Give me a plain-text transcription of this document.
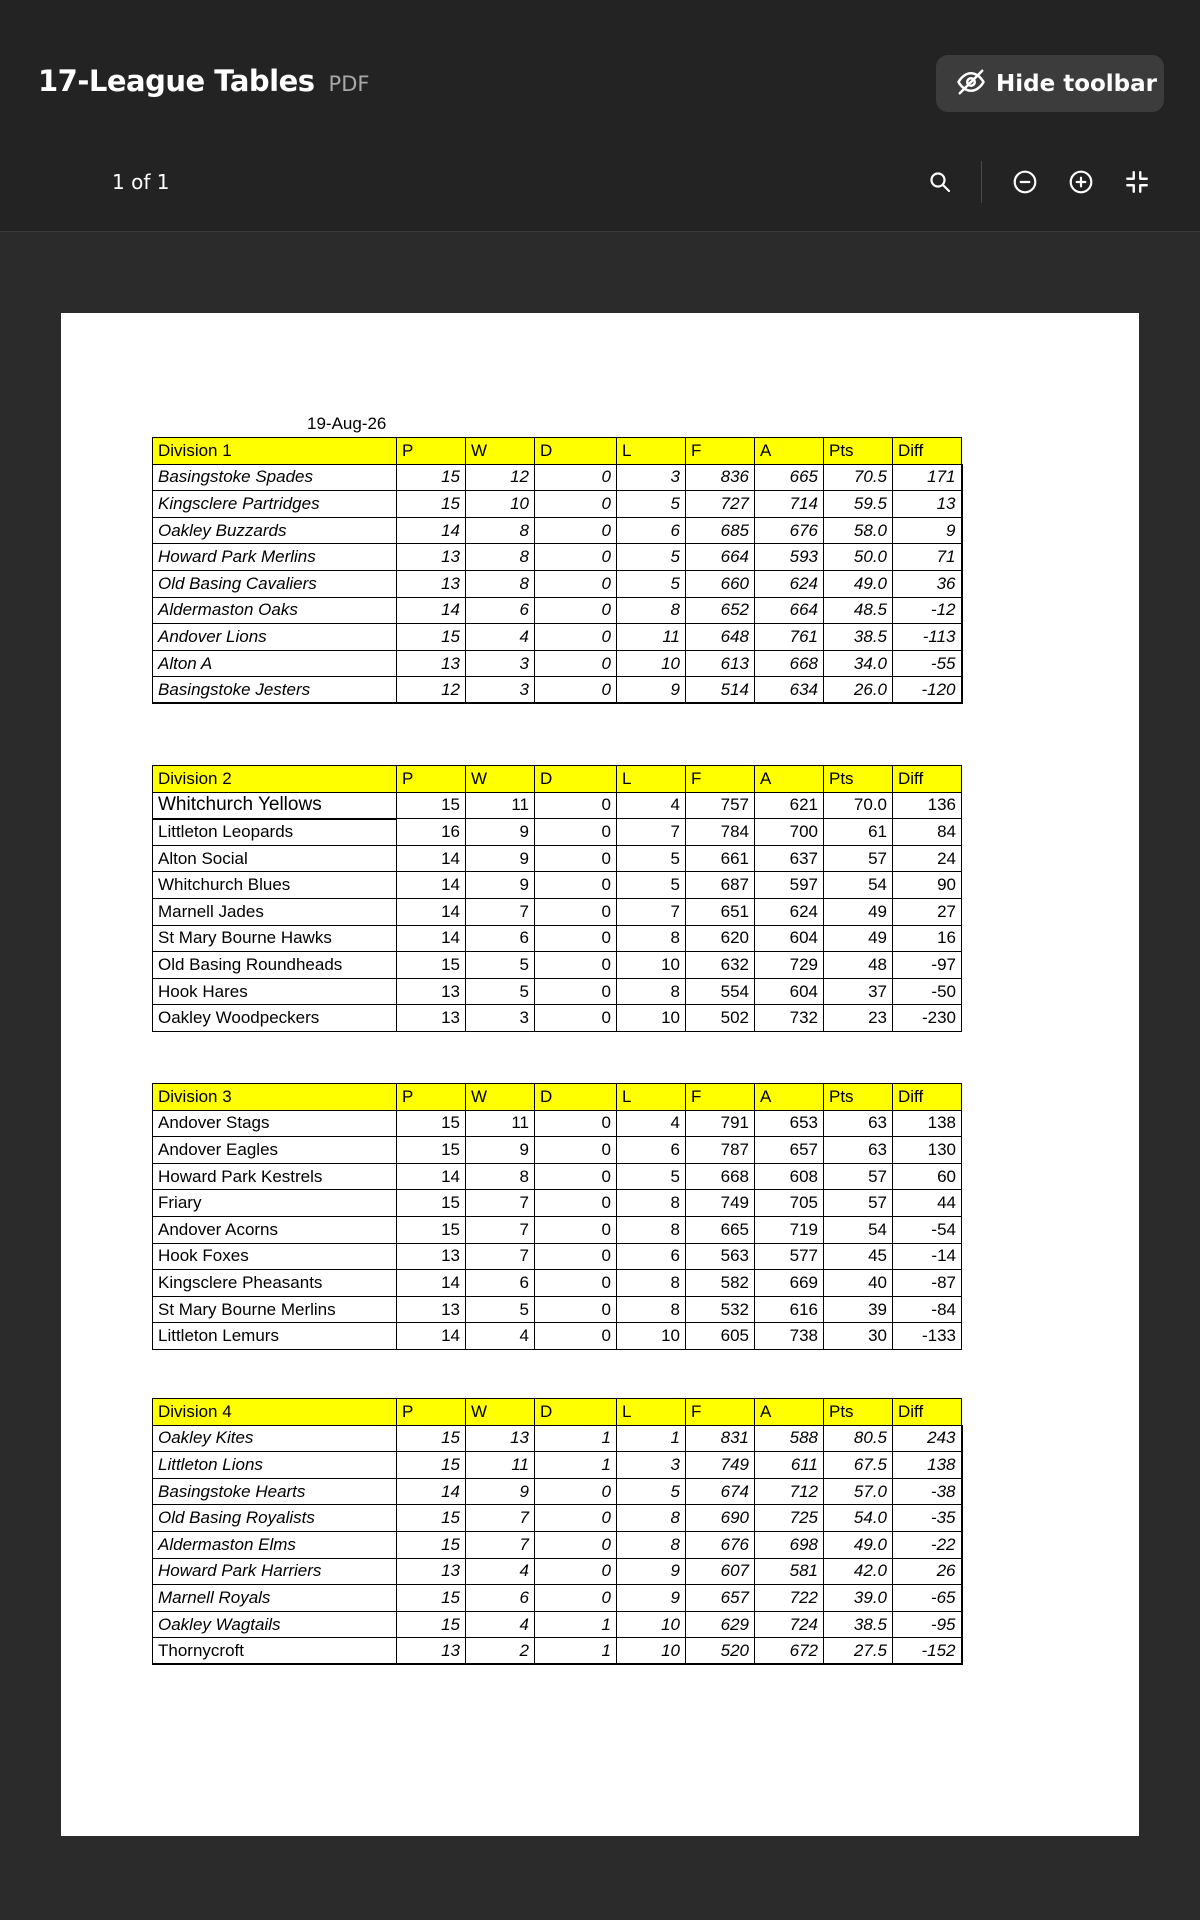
17-League Tables PDF	Hide toolbar
1 of 1
19-Aug-26
Division 1	P	W	D	L	F	A	Pts	Diff
Basingstoke Spades	15	12	0	3	836	665	70.5	171
Kingsclere Partridges	15	10	0	5	727	714	59.5	13
Oakley Buzzards	14	8	0	6	685	676	58.0	9
Howard Park Merlins	13	8	0	5	664	593	50.0	71
Old Basing Cavaliers	13	8	0	5	660	624	49.0	36
Aldermaston Oaks	14	6	0	8	652	664	48.5	-12
Andover Lions	15	4	0	11	648	761	38.5	-113
Alton A	13	3	0	10	613	668	34.0	-55
Basingstoke Jesters	12	3	0	9	514	634	26.0	-120
Division 2	P	W	D	L	F	A	Pts	Diff
Whitchurch Yellows	15	11	0	4	757	621	70.0	136
Littleton Leopards	16	9	0	7	784	700	61	84
Alton Social	14	9	0	5	661	637	57	24
Whitchurch Blues	14	9	0	5	687	597	54	90
Marnell Jades	14	7	0	7	651	624	49	27
St Mary Bourne Hawks	14	6	0	8	620	604	49	16
Old Basing Roundheads	15	5	0	10	632	729	48	-97
Hook Hares	13	5	0	8	554	604	37	-50
Oakley Woodpeckers	13	3	0	10	502	732	23	-230
Division 3	P	W	D	L	F	A	Pts	Diff
Andover Stags	15	11	0	4	791	653	63	138
Andover Eagles	15	9	0	6	787	657	63	130
Howard Park Kestrels	14	8	0	5	668	608	57	60
Friary	15	7	0	8	749	705	57	44
Andover Acorns	15	7	0	8	665	719	54	-54
Hook Foxes	13	7	0	6	563	577	45	-14
Kingsclere Pheasants	14	6	0	8	582	669	40	-87
St Mary Bourne Merlins	13	5	0	8	532	616	39	-84
Littleton Lemurs	14	4	0	10	605	738	30	-133
Division 4	P	W	D	L	F	A	Pts	Diff
Oakley Kites	15	13	1	1	831	588	80.5	243
Littleton Lions	15	11	1	3	749	611	67.5	138
Basingstoke Hearts	14	9	0	5	674	712	57.0	-38
Old Basing Royalists	15	7	0	8	690	725	54.0	-35
Aldermaston Elms	15	7	0	8	676	698	49.0	-22
Howard Park Harriers	13	4	0	9	607	581	42.0	26
Marnell Royals	15	6	0	9	657	722	39.0	-65
Oakley Wagtails	15	4	1	10	629	724	38.5	-95
Thornycroft	13	2	1	10	520	672	27.5	-152
